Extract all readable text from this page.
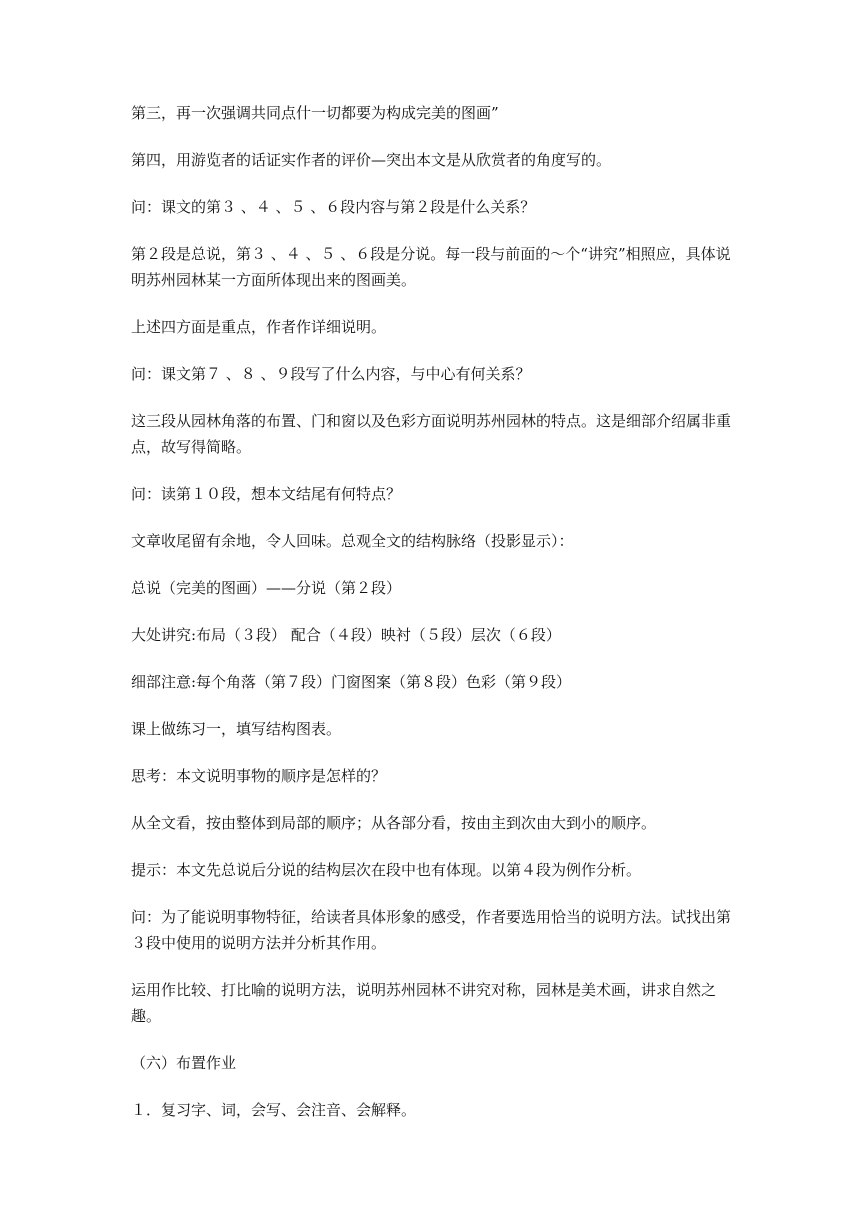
第三，再一次强调共同点什一切都要为构成完美的图画”

第四，用游览者的话证实作者的评价—突出本文是从欣赏者的角度写的。

问：课文的第３ 、４ 、５ 、６段内容与第２段是什么关系？

第２段是总说，第３ 、４ 、５ 、６段是分说。每一段与前面的～个“讲究”相照应，具体说明苏州园林某一方面所体现出来的图画美。

上述四方面是重点，作者作详细说明。

问：课文第７ 、８ 、９段写了什么内容，与中心有何关系？

这三段从园林角落的布置、门和窗以及色彩方面说明苏州园林的特点。这是细部介绍属非重点，故写得简略。

问：读第１０段，想本文结尾有何特点？

文章收尾留有余地，令人回味。总观全文的结构脉络（投影显示）：

总说（完美的图画）——分说（第２段）

大处讲究:布局（３段） 配合（４段）映衬（５段）层次（６段）

细部注意:每个角落（第７段）门窗图案（第８段）色彩（第９段）

课上做练习一，填写结构图表。

思考：本文说明事物的顺序是怎样的？

从全文看，按由整体到局部的顺序；从各部分看，按由主到次由大到小的顺序。

提示：本文先总说后分说的结构层次在段中也有体现。以第４段为例作分析。

问：为了能说明事物特征，给读者具体形象的感受，作者要选用恰当的说明方法。试找出第３段中使用的说明方法并分析其作用。

运用作比较、打比喻的说明方法，说明苏州园林不讲究对称，园林是美术画，讲求自然之趣。

（六）布置作业

１．复习字、词，会写、会注音、会解释。
